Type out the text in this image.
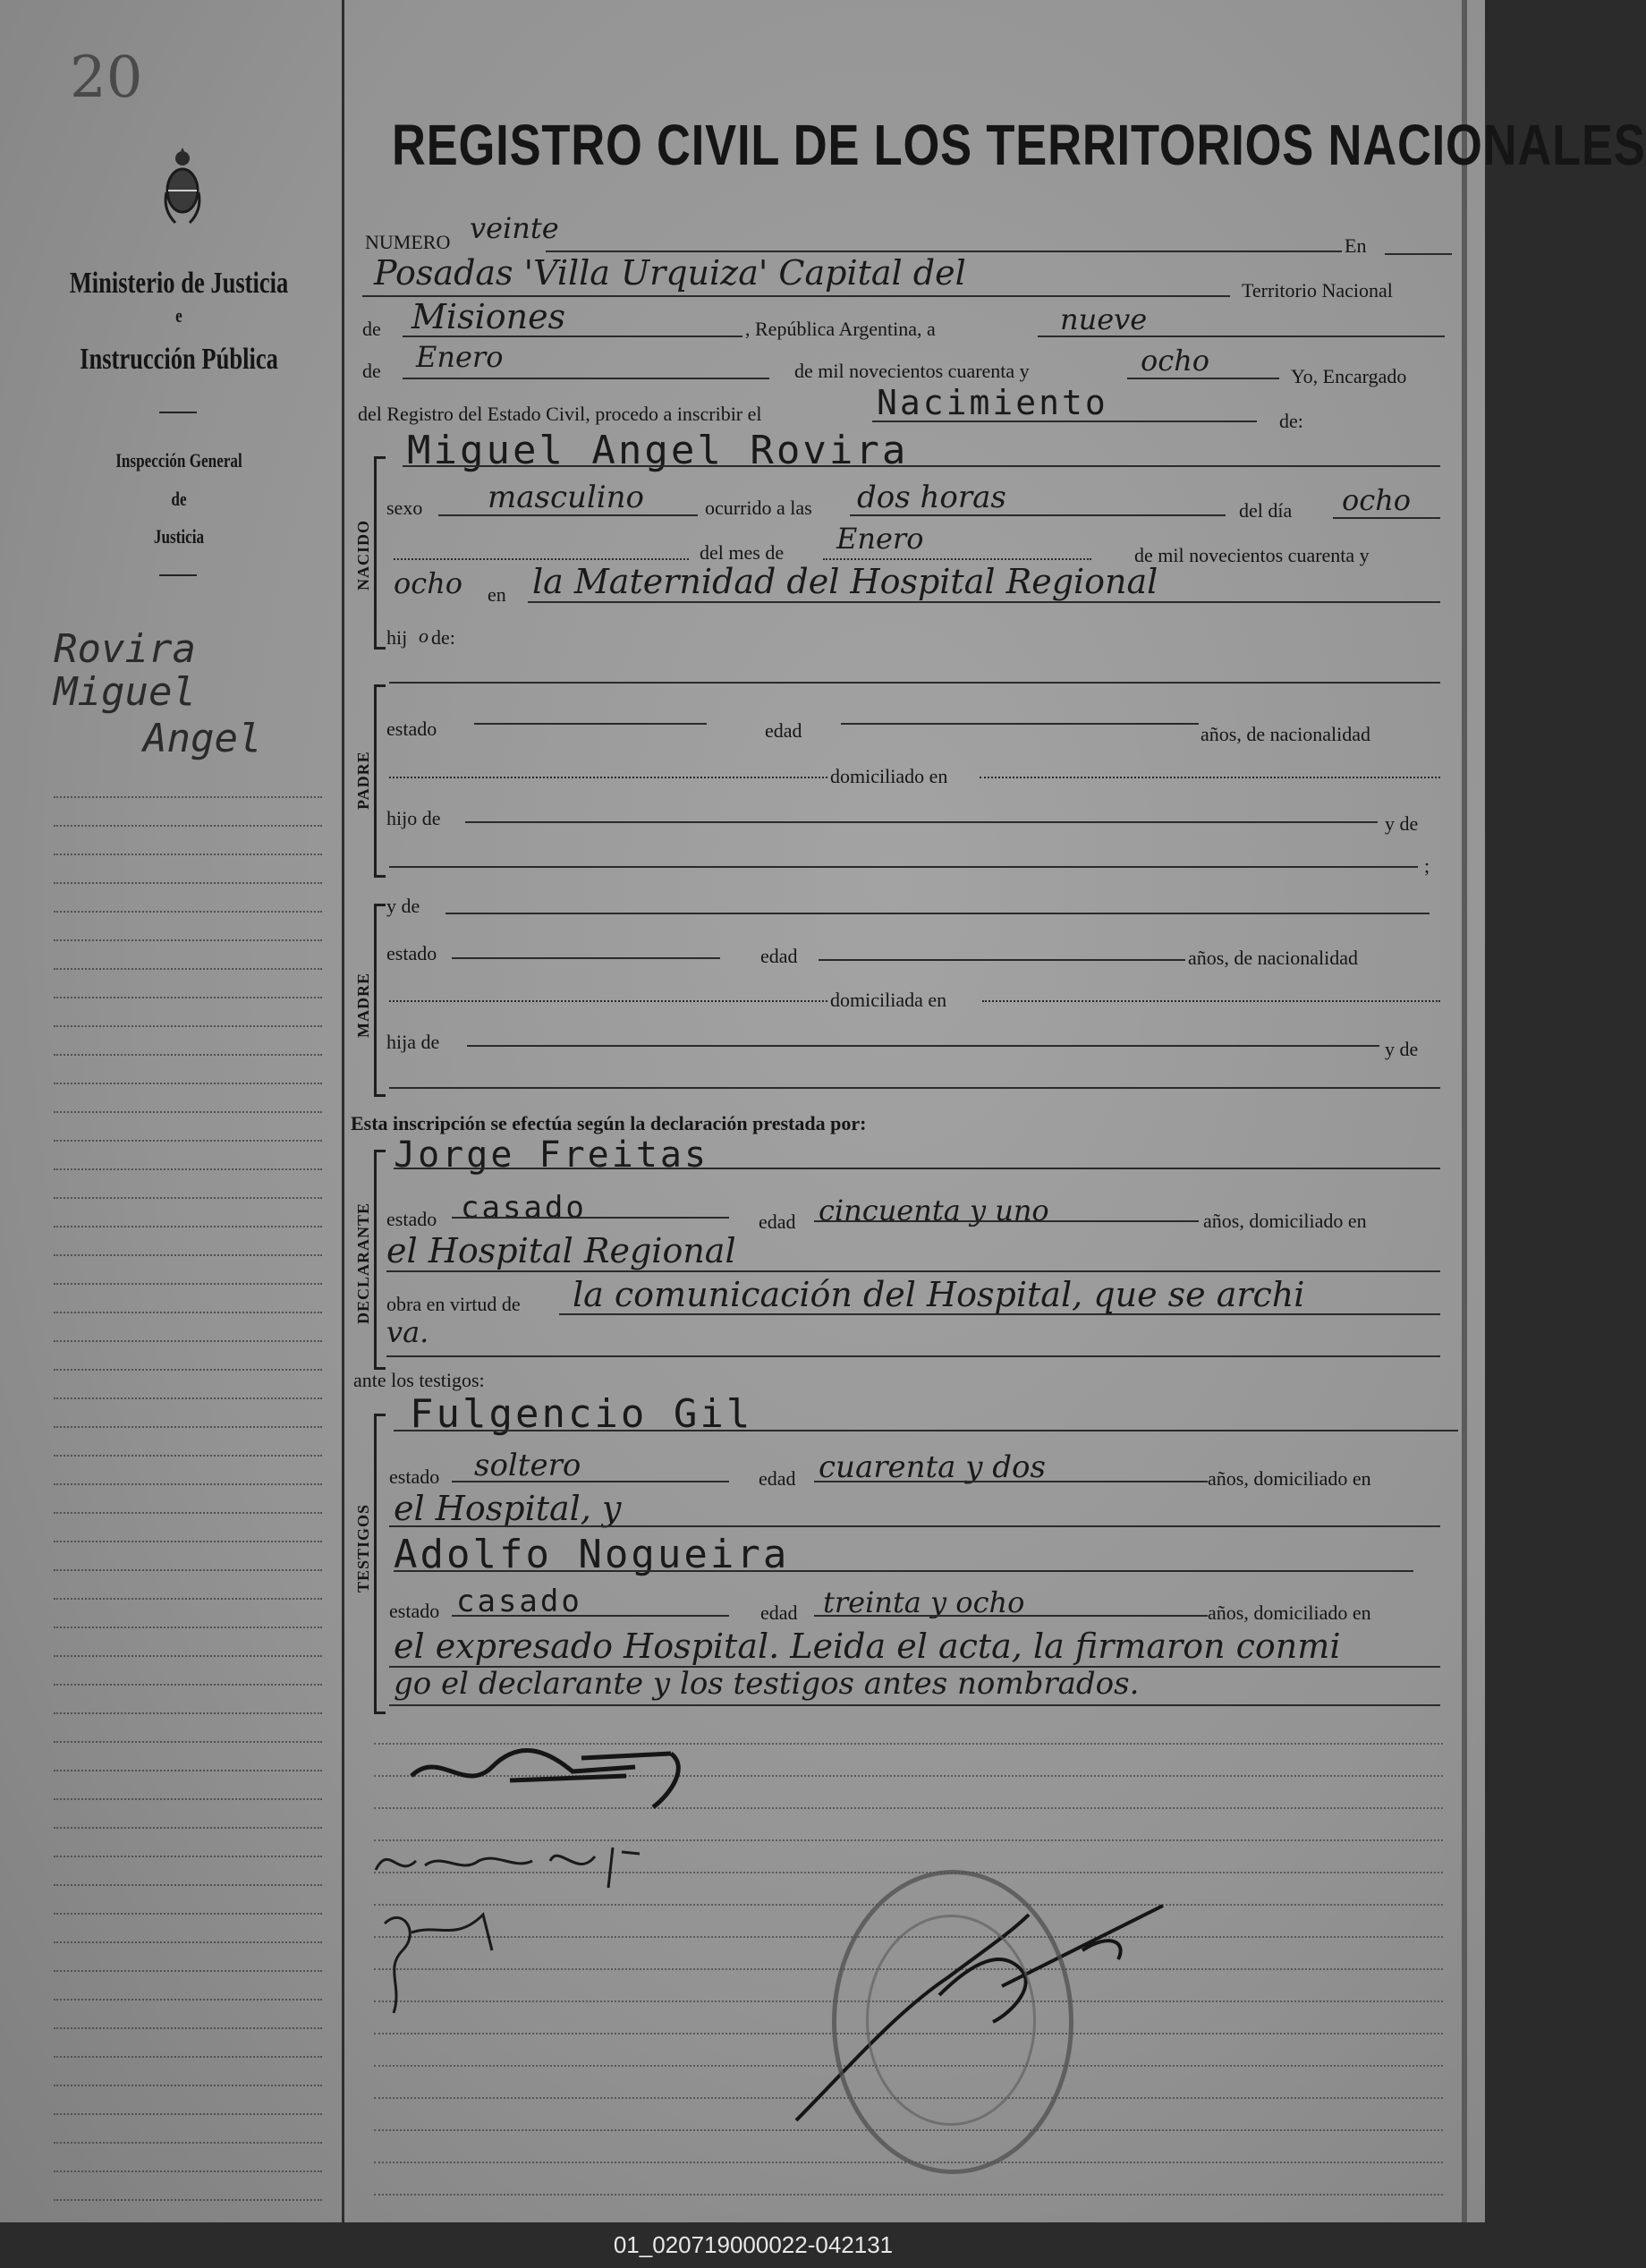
20
Ministerio de Justicia
e
Instrucción Pública
Inspección General
de
Justicia
Rovira
Miguel
Angel
REGISTRO CIVIL DE LOS TERRITORIOS NACIONALES
NUMERO veinte
En
Posadas 'Villa Urquiza' Capital del	Territorio Nacional
de Misiones	, República Argentina, a	nueve
de Enero	de mil novecientos cuarenta y	ocho	Yo, Encargado
del Registro del Estado Civil, procedo a inscribir el	Nacimiento	de:
NACIDO
Miguel Angel Rovira
sexo masculino	ocurrido a las dos horas	del día ocho
del mes de Enero	de mil novecientos cuarenta y
ocho en la Maternidad del Hospital Regional
hij o de:
PADRE
estado	edad	años, de nacionalidad
domiciliado en
hijo de	y de
;
MADRE
y de
estado	edad	años, de nacionalidad
domiciliada en
hija de	y de
Esta inscripción se efectúa según la declaración prestada por:
DECLARANTE
Jorge Freitas
estado casado	edad cincuenta y uno	años, domiciliado en
el Hospital Regional
obra en virtud de la comunicación del Hospital, que se archi
va.
ante los testigos:
TESTIGOS
Fulgencio Gil
estado soltero	edad cuarenta y dos	años, domiciliado en
el Hospital, y
Adolfo Nogueira
estado casado	edad treinta y ocho	años, domiciliado en
el expresado Hospital. Leida el acta, la firmaron conmi
go el declarante y los testigos antes nombrados.
01_020719000022-042131
